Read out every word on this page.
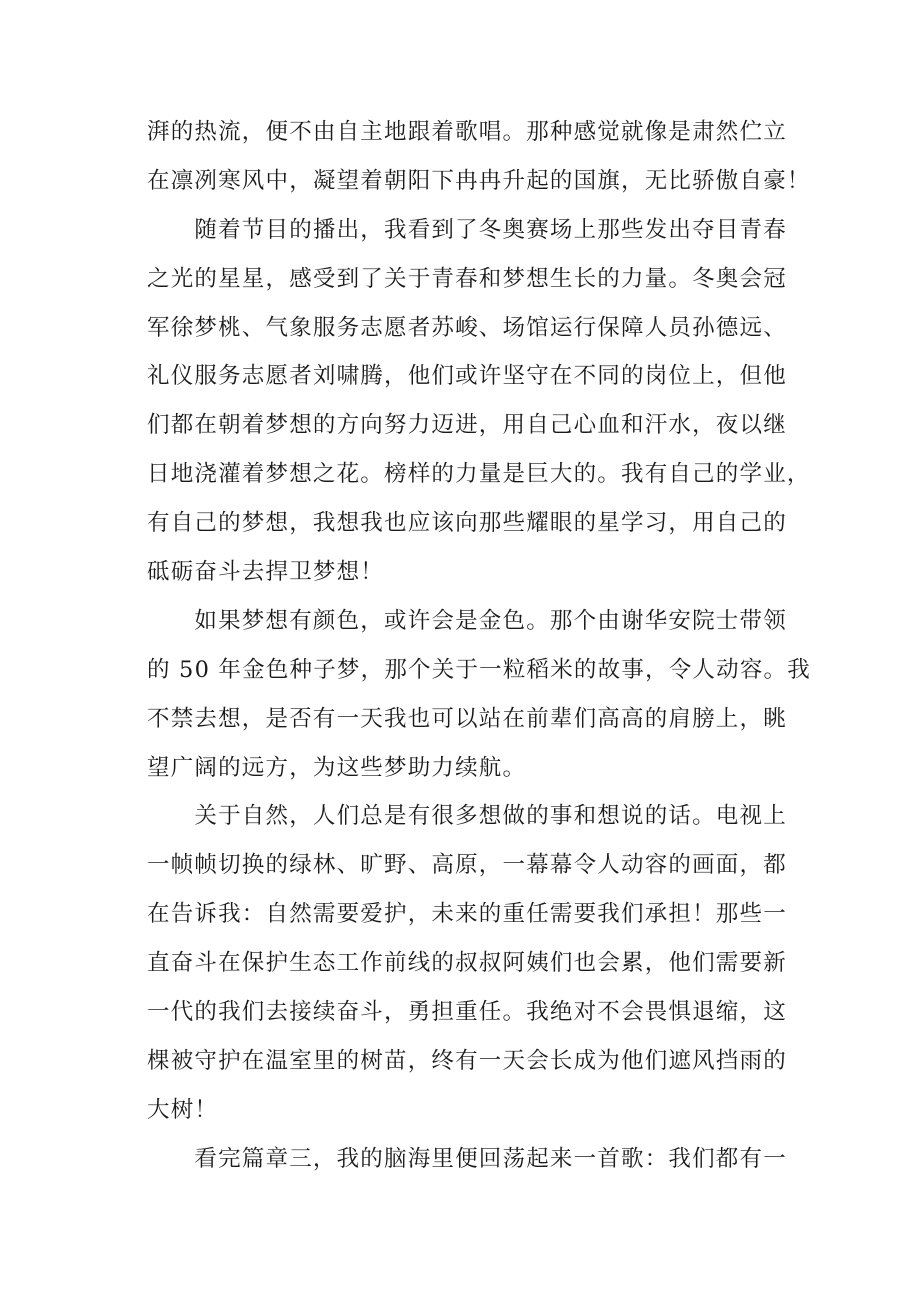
湃的热流，便不由自主地跟着歌唱。那种感觉就像是肃然伫立
在凛冽寒风中，凝望着朝阳下冉冉升起的国旗，无比骄傲自豪！
　　随着节目的播出，我看到了冬奥赛场上那些发出夺目青春
之光的星星，感受到了关于青春和梦想生长的力量。冬奥会冠
军徐梦桃、气象服务志愿者苏峻、场馆运行保障人员孙德远、
礼仪服务志愿者刘啸腾，他们或许坚守在不同的岗位上，但他
们都在朝着梦想的方向努力迈进，用自己心血和汗水，夜以继
日地浇灌着梦想之花。榜样的力量是巨大的。我有自己的学业，
有自己的梦想，我想我也应该向那些耀眼的星学习，用自己的
砥砺奋斗去捍卫梦想！
　　如果梦想有颜色，或许会是金色。那个由谢华安院士带领
的 50 年金色种子梦，那个关于一粒稻米的故事，令人动容。我
不禁去想，是否有一天我也可以站在前辈们高高的肩膀上，眺
望广阔的远方，为这些梦助力续航。
　　关于自然，人们总是有很多想做的事和想说的话。电视上
一帧帧切换的绿林、旷野、高原，一幕幕令人动容的画面，都
在告诉我：自然需要爱护，未来的重任需要我们承担！那些一
直奋斗在保护生态工作前线的叔叔阿姨们也会累，他们需要新
一代的我们去接续奋斗，勇担重任。我绝对不会畏惧退缩，这
棵被守护在温室里的树苗，终有一天会长成为他们遮风挡雨的
大树！
　　看完篇章三，我的脑海里便回荡起来一首歌：我们都有一
